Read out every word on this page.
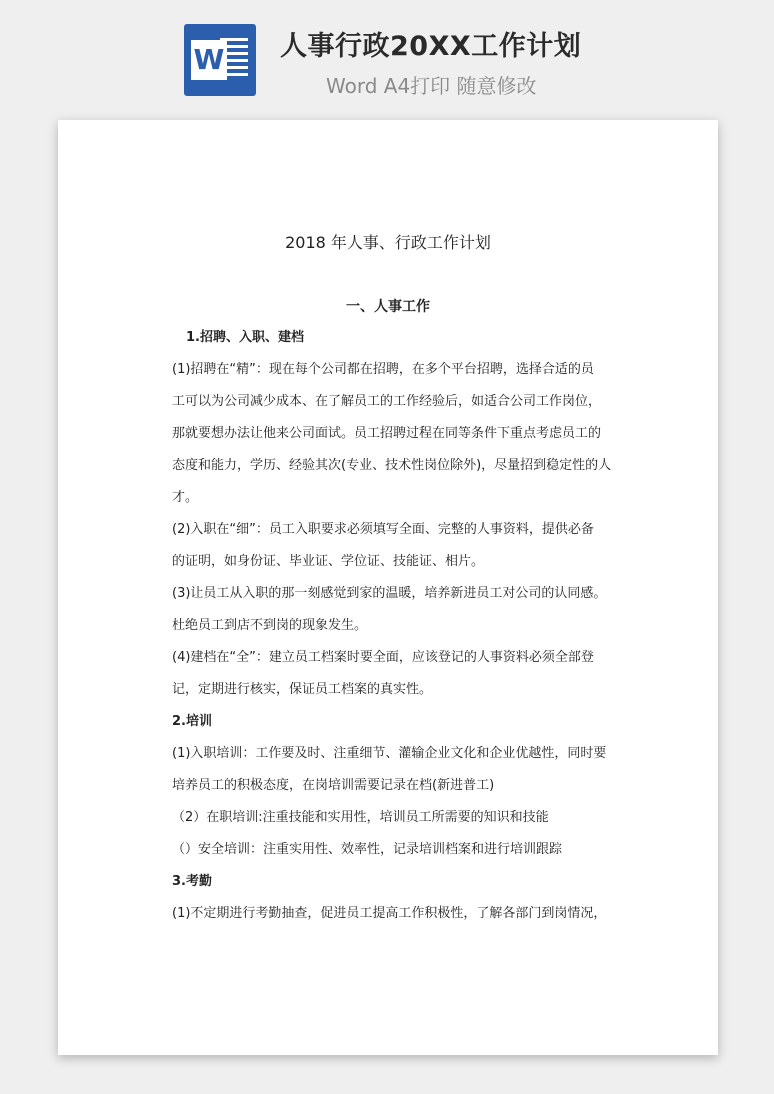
W 人事行政20XX工作计划
Word A4打印 随意修改
2018 年人事、行政工作计划
一、人事工作

1.招聘、入职、建档

(1)招聘在“精”：现在每个公司都在招聘，在多个平台招聘，选择合适的员

工可以为公司减少成本、在了解员工的工作经验后，如适合公司工作岗位，

那就要想办法让他来公司面试。员工招聘过程在同等条件下重点考虑员工的

态度和能力，学历、经验其次(专业、技术性岗位除外)，尽量招到稳定性的人

才。

(2)入职在“细”：员工入职要求必须填写全面、完整的人事资料，提供必备

的证明，如身份证、毕业证、学位证、技能证、相片。

(3)让员工从入职的那一刻感觉到家的温暖，培养新进员工对公司的认同感。

杜绝员工到店不到岗的现象发生。

(4)建档在“全”：建立员工档案时要全面，应该登记的人事资料必须全部登

记，定期进行核实，保证员工档案的真实性。

2.培训

(1)入职培训：工作要及时、注重细节、灌输企业文化和企业优越性，同时要

培养员工的积极态度，在岗培训需要记录在档(新进普工)

（2）在职培训:注重技能和实用性，培训员工所需要的知识和技能

（）安全培训：注重实用性、效率性，记录培训档案和进行培训跟踪

3.考勤

(1)不定期进行考勤抽查，促进员工提高工作积极性，了解各部门到岗情况，
